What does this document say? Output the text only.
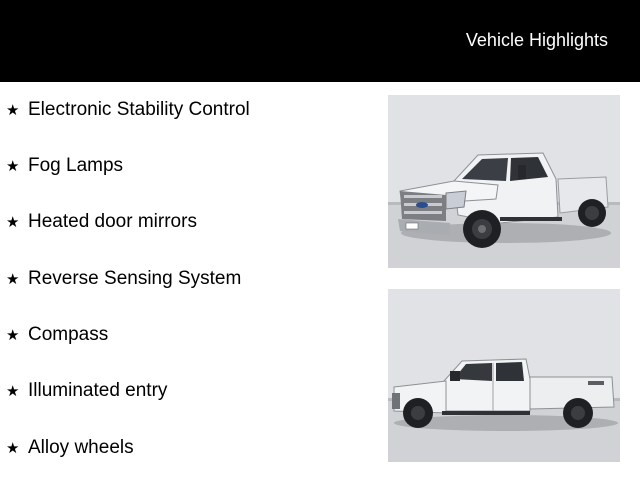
Vehicle Highlights
★ Electronic Stability Control
★ Fog Lamps
★ Heated door mirrors
★ Reverse Sensing System
★ Compass
★ Illuminated entry
★ Alloy wheels
